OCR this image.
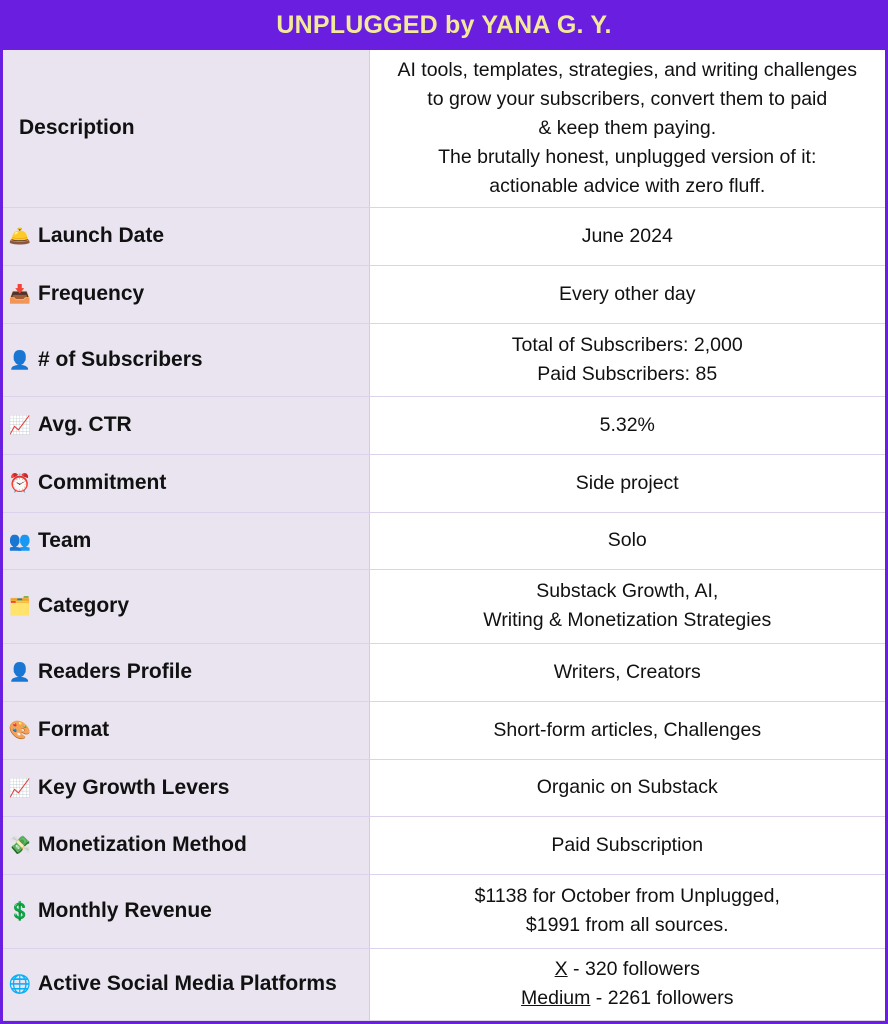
UNPLUGGED by YANA G. Y.
Description	AI tools, templates, strategies, and writing challenges
to grow your subscribers, convert them to paid
& keep them paying.
The brutally honest, unplugged version of it:
actionable advice with zero fluff.

🛎️ Launch Date	June 2024

📥 Frequency	Every other day

👤 # of Subscribers	Total of Subscribers: 2,000
Paid Subscribers: 85

📈 Avg. CTR	5.32%

⏰ Commitment	Side project

👥 Team	Solo

🗂️ Category	Substack Growth, AI,
Writing & Monetization Strategies

👤 Readers Profile	Writers, Creators

🎨 Format	Short-form articles, Challenges

📈 Key Growth Levers	Organic on Substack

💸 Monetization Method	Paid Subscription

💲 Monthly Revenue	$1138 for October from Unplugged,
$1991 from all sources.

🌐 Active Social Media Platforms	X - 320 followers
Medium - 2261 followers
